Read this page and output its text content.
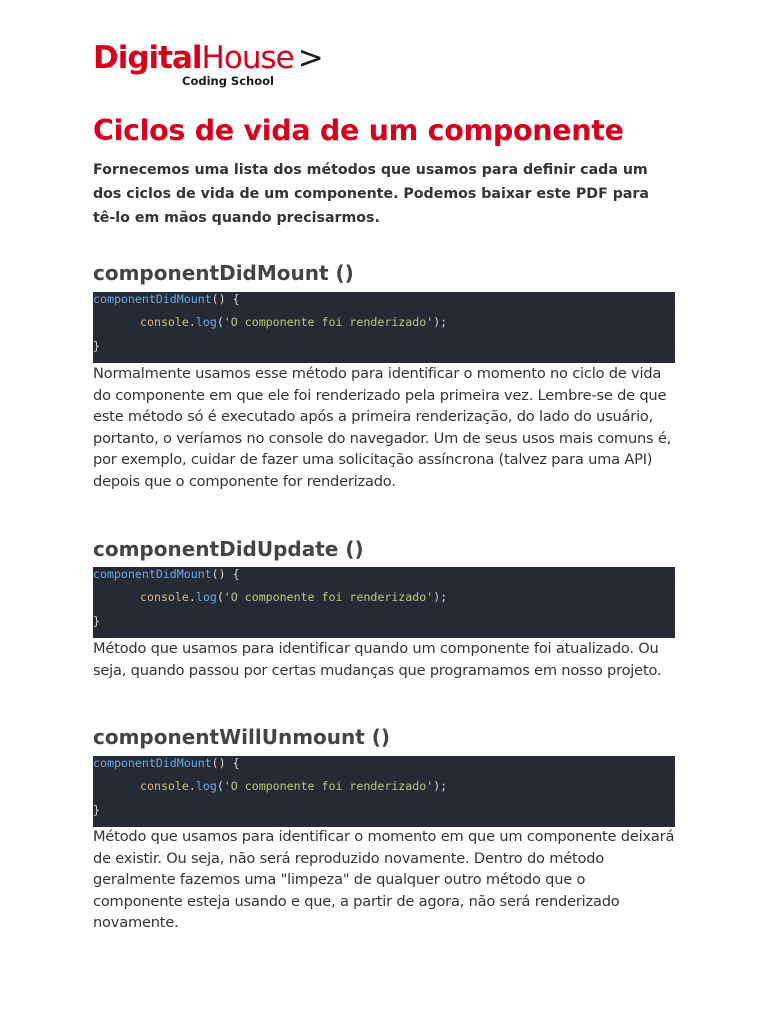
DigitalHouse >
Coding School
Ciclos de vida de um componente

Fornecemos uma lista dos métodos que usamos para definir cada um dos ciclos de vida de um componente. Podemos baixar este PDF para tê-lo em mãos quando precisarmos.

componentDidMount ()
componentDidMount() {
console.log('O componente foi renderizado');
}

Normalmente usamos esse método para identificar o momento no ciclo de vida do componente em que ele foi renderizado pela primeira vez. Lembre-se de que este método só é executado após a primeira renderização, do lado do usuário, portanto, o veríamos no console do navegador. Um de seus usos mais comuns é, por exemplo, cuidar de fazer uma solicitação assíncrona (talvez para uma API) depois que o componente for renderizado.

componentDidUpdate ()
componentDidMount() {
console.log('O componente foi renderizado');
}

Método que usamos para identificar quando um componente foi atualizado. Ou seja, quando passou por certas mudanças que programamos em nosso projeto.

componentWillUnmount ()
componentDidMount() {
console.log('O componente foi renderizado');
}

Método que usamos para identificar o momento em que um componente deixará de existir. Ou seja, não será reproduzido novamente. Dentro do método geralmente fazemos uma "limpeza" de qualquer outro método que o componente esteja usando e que, a partir de agora, não será renderizado novamente.
